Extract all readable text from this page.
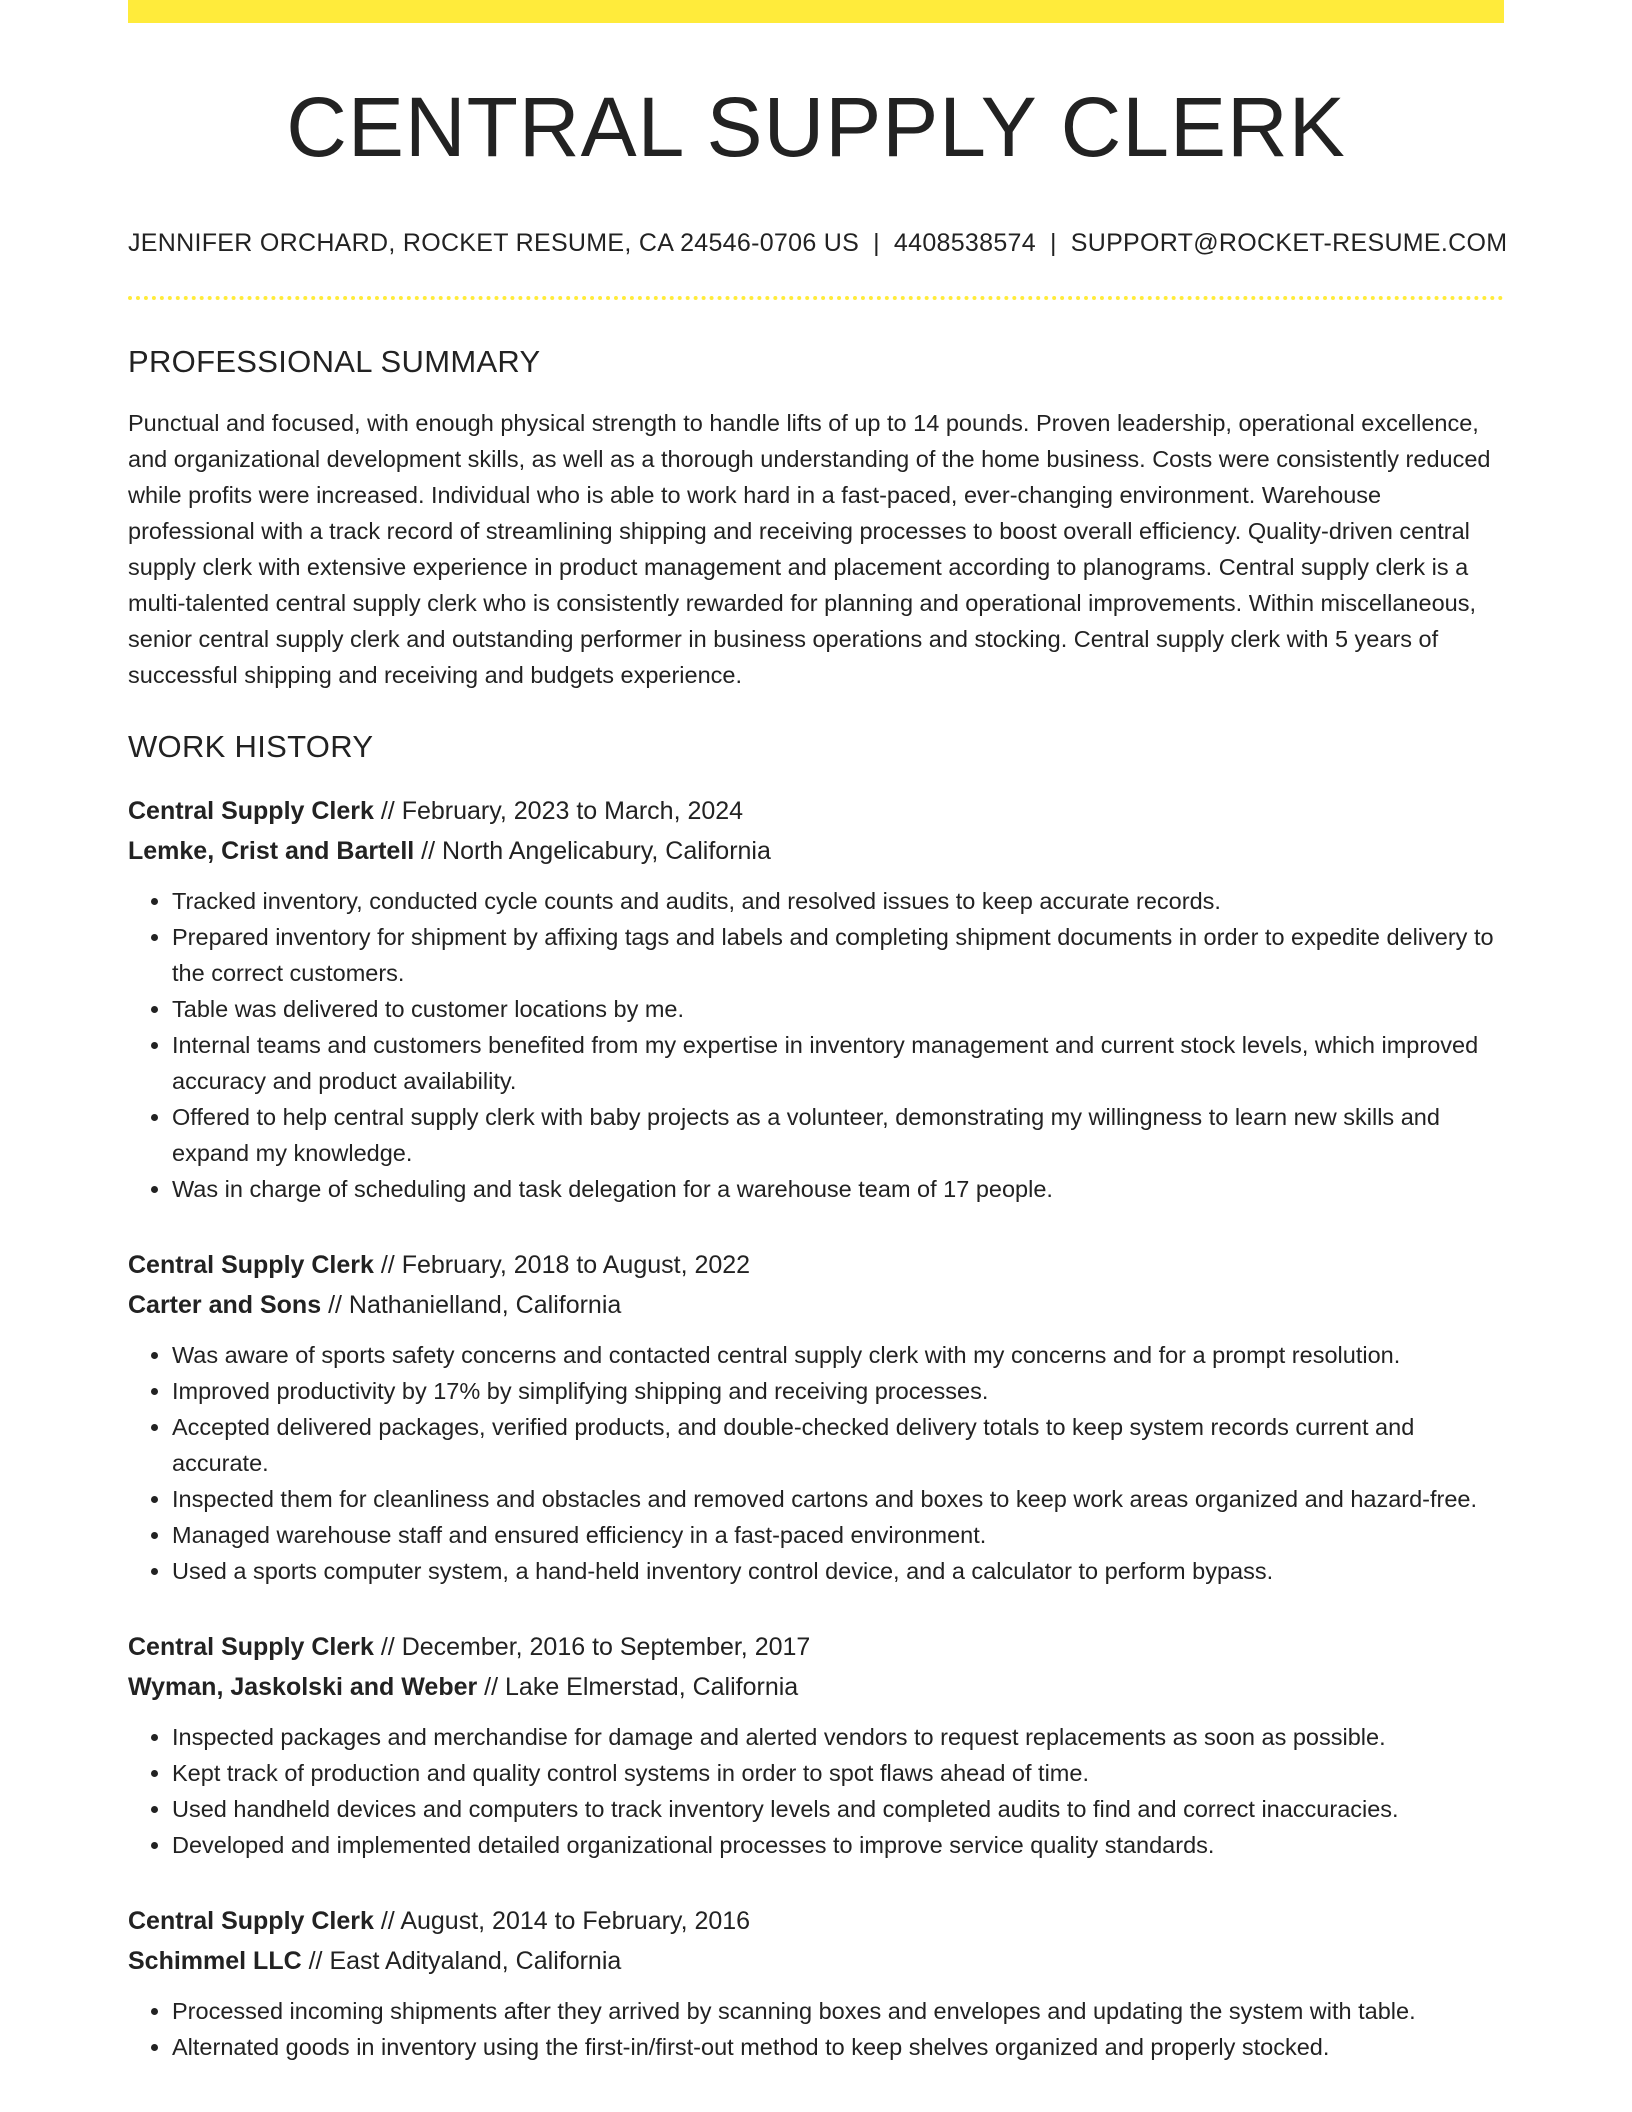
CENTRAL SUPPLY CLERK
JENNIFER ORCHARD, ROCKET RESUME, CA 24546-0706 US | 4408538574 | SUPPORT@ROCKET-RESUME.COM
PROFESSIONAL SUMMARY

Punctual and focused, with enough physical strength to handle lifts of up to 14 pounds. Proven leadership, operational excellence, and organizational development skills, as well as a thorough understanding of the home business. Costs were consistently reduced while profits were increased. Individual who is able to work hard in a fast-paced, ever-changing environment. Warehouse professional with a track record of streamlining shipping and receiving processes to boost overall efficiency. Quality-driven central supply clerk with extensive experience in product management and placement according to planograms. Central supply clerk is a multi-talented central supply clerk who is consistently rewarded for planning and operational improvements. Within miscellaneous, senior central supply clerk and outstanding performer in business operations and stocking. Central supply clerk with 5 years of successful shipping and receiving and budgets experience.

WORK HISTORY
Central Supply Clerk // February, 2023 to March, 2024
Lemke, Crist and Bartell // North Angelicabury, California
• Tracked inventory, conducted cycle counts and audits, and resolved issues to keep accurate records.
• Prepared inventory for shipment by affixing tags and labels and completing shipment documents in order to expedite delivery to the correct customers.
• Table was delivered to customer locations by me.
• Internal teams and customers benefited from my expertise in inventory management and current stock levels, which improved accuracy and product availability.
• Offered to help central supply clerk with baby projects as a volunteer, demonstrating my willingness to learn new skills and expand my knowledge.
• Was in charge of scheduling and task delegation for a warehouse team of 17 people.
Central Supply Clerk // February, 2018 to August, 2022
Carter and Sons // Nathanielland, California
• Was aware of sports safety concerns and contacted central supply clerk with my concerns and for a prompt resolution.
• Improved productivity by 17% by simplifying shipping and receiving processes.
• Accepted delivered packages, verified products, and double-checked delivery totals to keep system records current and accurate.
• Inspected them for cleanliness and obstacles and removed cartons and boxes to keep work areas organized and hazard-free.
• Managed warehouse staff and ensured efficiency in a fast-paced environment.
• Used a sports computer system, a hand-held inventory control device, and a calculator to perform bypass.
Central Supply Clerk // December, 2016 to September, 2017
Wyman, Jaskolski and Weber // Lake Elmerstad, California
• Inspected packages and merchandise for damage and alerted vendors to request replacements as soon as possible.
• Kept track of production and quality control systems in order to spot flaws ahead of time.
• Used handheld devices and computers to track inventory levels and completed audits to find and correct inaccuracies.
• Developed and implemented detailed organizational processes to improve service quality standards.
Central Supply Clerk // August, 2014 to February, 2016
Schimmel LLC // East Adityaland, California
• Processed incoming shipments after they arrived by scanning boxes and envelopes and updating the system with table.
• Alternated goods in inventory using the first-in/first-out method to keep shelves organized and properly stocked.
